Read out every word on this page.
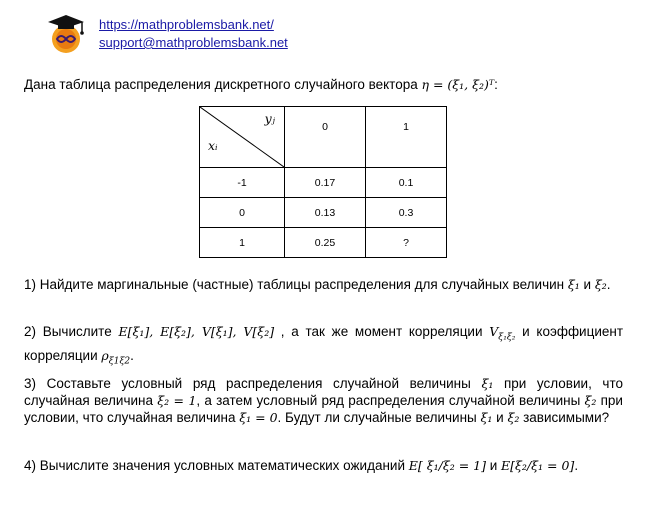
https://mathproblemsbank.net/
support@mathproblemsbank.net
Дана таблица распределения дискретного случайного вектора η = (ξ₁, ξ₂)ᵀ:
yⱼ
xᵢ	0	1
-1	0.17	0.1
0	0.13	0.3
1	0.25	?
1) Найдите маргинальные (частные) таблицы распределения для случайных величин ξ₁ и ξ₂.
2) Вычислите E[ξ₁], E[ξ₂], V[ξ₁], V[ξ₂] , а так же момент корреляции $V_{\xi_1\xi_2}$ и коэффициент корреляции $\rho_{\xi 1\xi 2}$.
3) Составьте условный ряд распределения случайной величины ξ₁ при условии, что случайная величина ξ₂ = 1, а затем условный ряд распределения случайной величины ξ₂ при условии, что случайная величина ξ₁ = 0. Будут ли случайные величины ξ₁ и ξ₂ зависимыми?
4) Вычислите значения условных математических ожиданий E[ ξ₁/ξ₂ = 1] и E[ξ₂/ξ₁ = 0].
